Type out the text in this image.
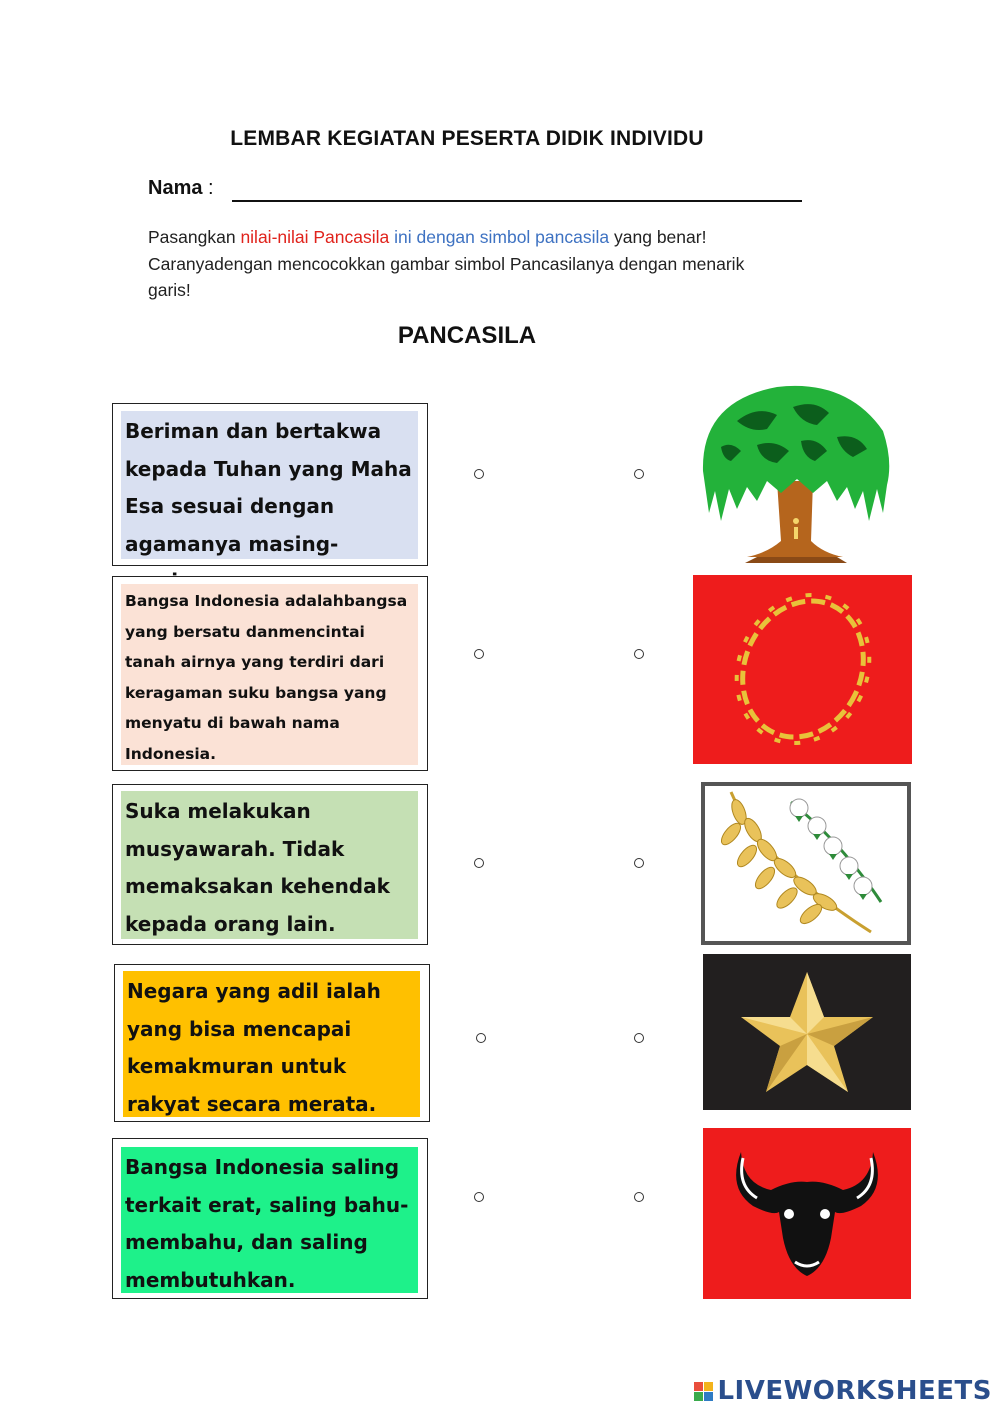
LEMBAR KEGIATAN PESERTA DIDIK INDIVIDU
Nama :
Pasangkan nilai-nilai Pancasila ini dengan simbol pancasila yang benar! Caranyadengan mencocokkan gambar simbol Pancasilanya dengan menarik garis!
PANCASILA
Beriman dan bertakwa kepada Tuhan yang Maha Esa sesuai dengan agamanya masing-
Bangsa Indonesia adalahbangsa yang bersatu danmencintai tanah airnya yang terdiri dari keragaman suku bangsa yang menyatu di bawah nama Indonesia.
Suka melakukan musyawarah. Tidak memaksakan kehendak kepada orang lain.
Negara yang adil ialah yang bisa mencapai kemakmuran untuk rakyat secara merata.
Bangsa Indonesia saling terkait erat, saling bahu-membahu, dan saling membutuhkan.
LIVEWORKSHEETS
